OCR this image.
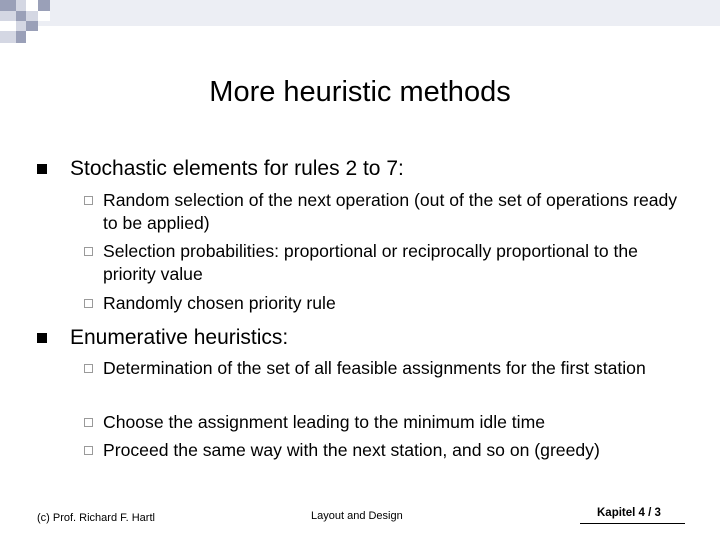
More heuristic methods
Stochastic elements for rules 2 to 7:
Random selection of the next operation (out of the set of operations ready to be applied)
Selection probabilities: proportional or reciprocally proportional to the priority value
Randomly chosen priority rule
Enumerative heuristics:
Determination of the set of all feasible assignments for the first station
Choose the assignment leading to the minimum idle time
Proceed the same way with the next station, and so on (greedy)
(c) Prof. Richard F. Hartl	Layout and Design	Kapitel 4 / 3
